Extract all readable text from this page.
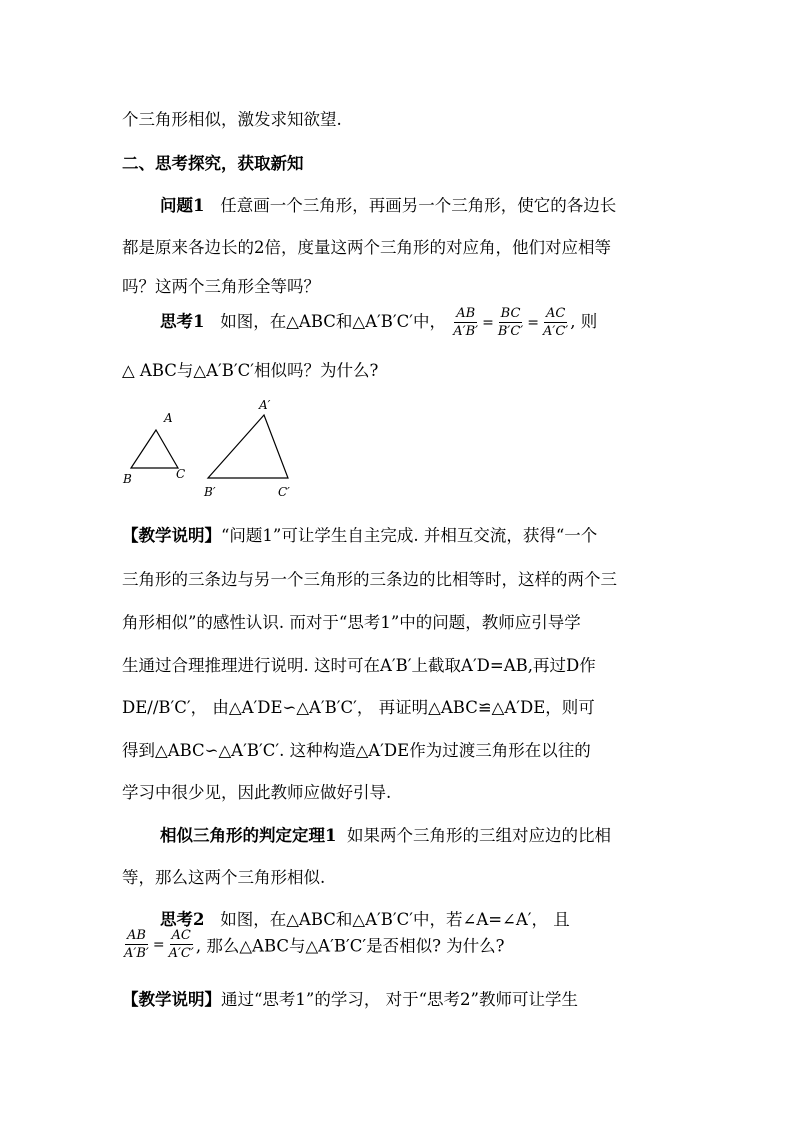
个三角形相似，激发求知欲望.
二、思考探究，获取新知
问题1 任意画一个三角形，再画另一个三角形，使它的各边长
都是原来各边长的2倍，度量这两个三角形的对应角，他们对应相等
吗？这两个三角形全等吗？
思考1 如图，在△ABC和△A′B′C′中， $\frac{AB}{A'B'} = \frac{BC}{B'C'} = \frac{AC}{A'C'}$ , 则
△ ABC与△A′B′C′相似吗？为什么?
A
B	C
A′
B′	C′
【教学说明】“问题1”可让学生自主完成. 并相互交流，获得“一个
三角形的三条边与另一个三角形的三条边的比相等时，这样的两个三
角形相似”的感性认识. 而对于“思考1”中的问题，教师应引导学
生通过合理推理进行说明. 这时可在A′B′上截取A′D=AB,再过D作
DE//B′C′， 由△A′DE∽△A′B′C′， 再证明△ABC≌△A′DE，则可
得到△ABC∽△A′B′C′. 这种构造△A′DE作为过渡三角形在以往的
学习中很少见，因此教师应做好引导.
相似三角形的判定定理1 如果两个三角形的三组对应边的比相
等，那么这两个三角形相似.
思考2 如图，在△ABC和△A′B′C′中，若∠A=∠A′， 且
$\frac{AB}{A'B'} = \frac{AC}{A'C'}$ , 那么△ABC与△A′B′C′是否相似? 为什么?
【教学说明】通过“思考1”的学习， 对于“思考2”教师可让学生
